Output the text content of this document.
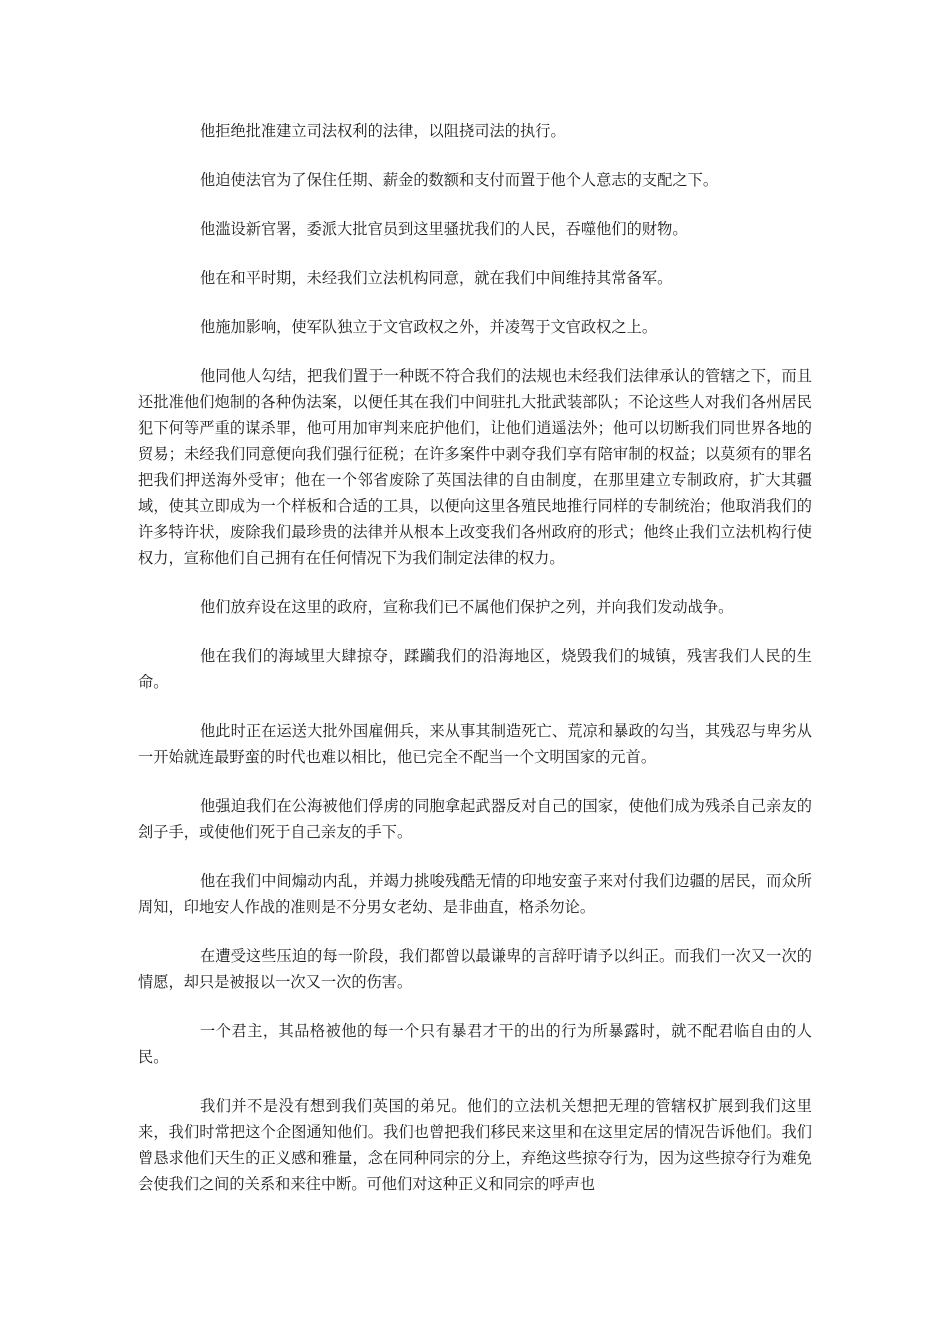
他拒绝批准建立司法权利的法律，以阻挠司法的执行。

他迫使法官为了保住任期、薪金的数额和支付而置于他个人意志的支配之下。

他滥设新官署，委派大批官员到这里骚扰我们的人民，吞噬他们的财物。

他在和平时期，未经我们立法机构同意，就在我们中间维持其常备军。

他施加影响，使军队独立于文官政权之外，并凌驾于文官政权之上。

他同他人勾结，把我们置于一种既不符合我们的法规也未经我们法律承认的管辖之下，而且还批准他们炮制的各种伪法案，以便任其在我们中间驻扎大批武装部队；不论这些人对我们各州居民犯下何等严重的谋杀罪，他可用加审判来庇护他们，让他们逍遥法外；他可以切断我们同世界各地的贸易；未经我们同意便向我们强行征税；在许多案件中剥夺我们享有陪审制的权益；以莫须有的罪名把我们押送海外受审；他在一个邻省废除了英国法律的自由制度，在那里建立专制政府，扩大其疆域，使其立即成为一个样板和合适的工具，以便向这里各殖民地推行同样的专制统治；他取消我们的许多特许状，废除我们最珍贵的法律并从根本上改变我们各州政府的形式；他终止我们立法机构行使权力，宣称他们自己拥有在任何情况下为我们制定法律的权力。

他们放弃设在这里的政府，宣称我们已不属他们保护之列，并向我们发动战争。

他在我们的海域里大肆掠夺，蹂躏我们的沿海地区，烧毁我们的城镇，残害我们人民的生命。

他此时正在运送大批外国雇佣兵，来从事其制造死亡、荒凉和暴政的勾当，其残忍与卑劣从一开始就连最野蛮的时代也难以相比，他已完全不配当一个文明国家的元首。

他强迫我们在公海被他们俘虏的同胞拿起武器反对自己的国家，使他们成为残杀自己亲友的刽子手，或使他们死于自己亲友的手下。

他在我们中间煽动内乱，并竭力挑唆残酷无情的印地安蛮子来对付我们边疆的居民，而众所周知，印地安人作战的准则是不分男女老幼、是非曲直，格杀勿论。

在遭受这些压迫的每一阶段，我们都曾以最谦卑的言辞吁请予以纠正。而我们一次又一次的情愿，却只是被报以一次又一次的伤害。

一个君主，其品格被他的每一个只有暴君才干的出的行为所暴露时，就不配君临自由的人民。

我们并不是没有想到我们英国的弟兄。他们的立法机关想把无理的管辖权扩展到我们这里来，我们时常把这个企图通知他们。我们也曾把我们移民来这里和在这里定居的情况告诉他们。我们曾恳求他们天生的正义感和雅量，念在同种同宗的分上，弃绝这些掠夺行为，因为这些掠夺行为难免会使我们之间的关系和来往中断。可他们对这种正义和同宗的呼声也
